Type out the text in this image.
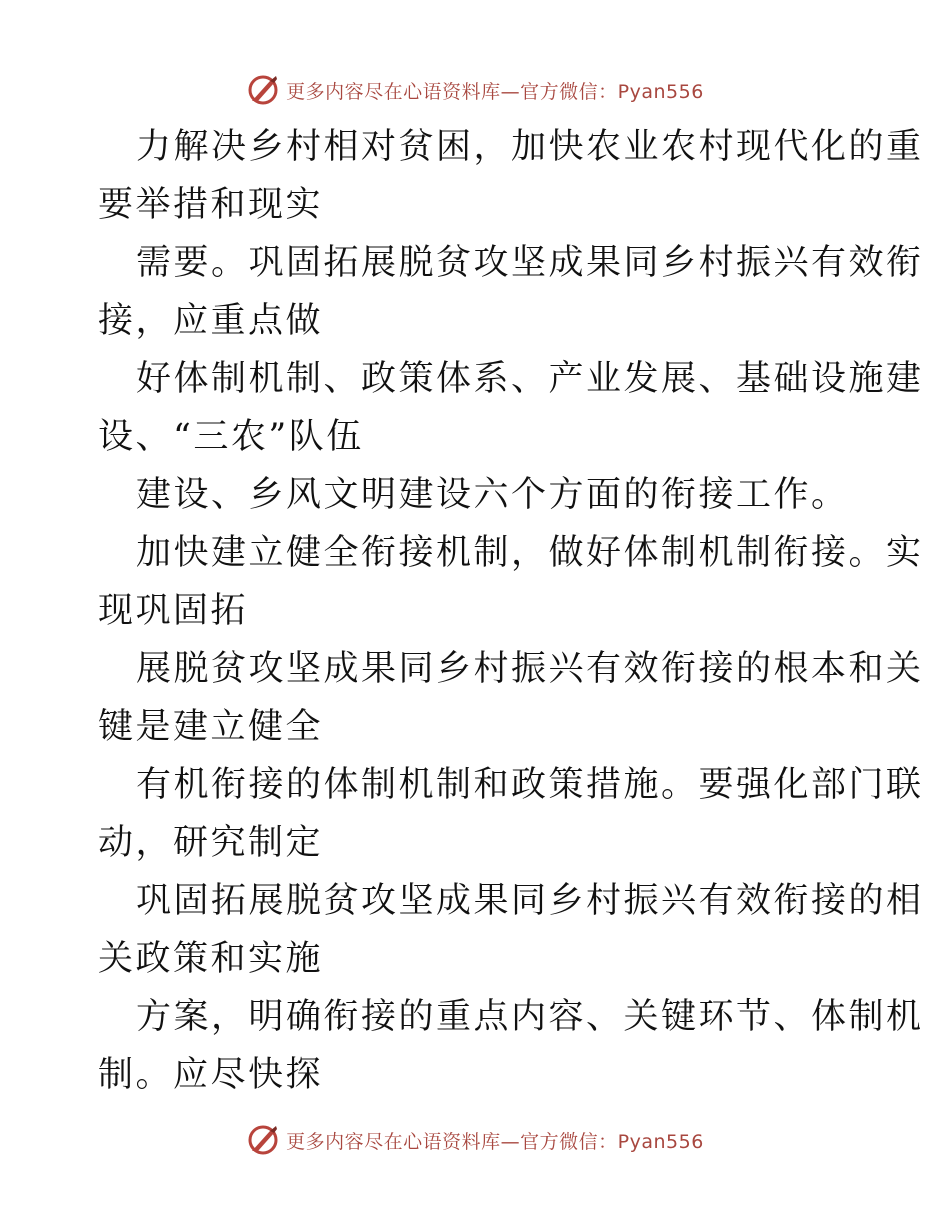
更多内容尽在心语资料库—官方微信：Pyan556
力解决乡村相对贫困，加快农业农村现代化的重
要举措和现实
需要。巩固拓展脱贫攻坚成果同乡村振兴有效衔
接，应重点做
好体制机制、政策体系、产业发展、基础设施建
设、“三农”队伍
建设、乡风文明建设六个方面的衔接工作。
加快建立健全衔接机制，做好体制机制衔接。实
现巩固拓
展脱贫攻坚成果同乡村振兴有效衔接的根本和关
键是建立健全
有机衔接的体制机制和政策措施。要强化部门联
动，研究制定
巩固拓展脱贫攻坚成果同乡村振兴有效衔接的相
关政策和实施
方案，明确衔接的重点内容、关键环节、体制机
制。应尽快探
更多内容尽在心语资料库—官方微信：Pyan556
